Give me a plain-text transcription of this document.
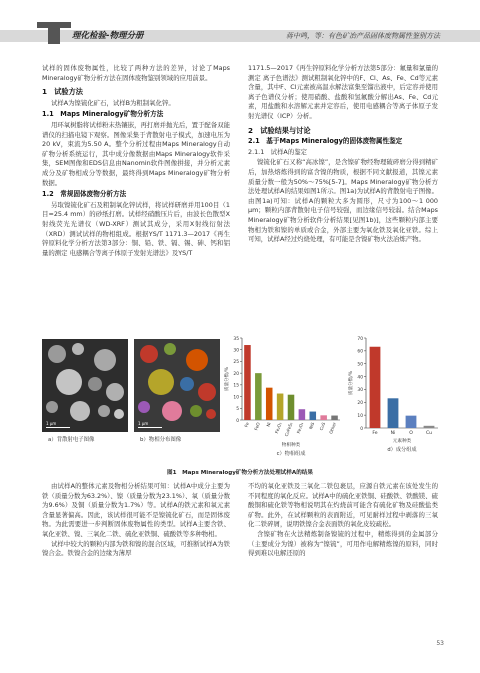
理化检验-物理分册	蒋中鸣，等：有色矿冶产品固体废物属性鉴别方法

试样的固体废物属性，比较了两种方法的差异，讨论了Maps Mineralogy矿物分析方法在固体废物鉴别领域的应用前景。

1　试验方法

试样A为镍锍化矿石，试样B为粗制氧化锌。

1.1　Maps Mineralogy矿物分析方法

用环氧树脂将试样粉末热镶嵌，再打磨并抛光后，置于配备双能谱仪的扫描电镜下观察。图像采集于背散射电子模式，加速电压为20 kV，束流为5.50 A。整个分析过程由Maps Mineralogy自动矿物分析系统运行，其中成分像数据由Maps Mineralogy软件采集，SEM图像和EDS信息由Nanomin软件图像拼接，并分析元素成分及矿物相成分等数据，最终得到Maps Mineralogy矿物分析数据。

1.2　常规固体废物分析方法

另取镍锍化矿石及粗制氧化锌试样，将试样研磨并用100目（1目=25.4 mm）的砂纸打磨。试样经硝酸压片后，由波长色散型X射线荧光光谱仪（WD-XRF）测试其成分，采用X射线衍射法（XRD）测试试样的物相组成。根据YS/T 1171.3—2017《再生锌原料化学分析方法第3部分：铜、铅、铁、镉、锡、砷、钙和铝量的测定 电感耦合等离子体原子发射光谱法》及YS/T

1171.5—2017《再生锌原料化学分析方法第5部分：氟量和氯量的测定 离子色谱法》测试粗制氧化锌中的F、Cl、As、Fe、Cd等元素含量，其中F、Cl元素被高温水解法富集至馏出液中，后定容并使用离子色谱仪分析；使用硝酸、盐酸和氢氟酸分解出As、Fe、Cd元素，用盐酸和水溶解元素并定容后，使用电感耦合等离子体原子发射光谱仪（ICP）分析。

2　试验结果与讨论
2.1　基于Maps Mineralogy的固体废物属性鉴定
2.1.1　试样A的鉴定

镍锍化矿石又称“高冰镍”，是含镍矿物经物理破碎磨分得到精矿后，加热熔炼得到的富含镍的物质，根据不同文献报道，其镍元素质量分数一般为50%～75%[5-7]。Maps Mineralogy矿物分析方法处理试样A的结果如图1所示。图1a)为试样A的背散射电子图像。由图1a)可知：试样A的颗粒大多为圆形，尺寸为100～1 000 μm；颗粒内部背散射电子信号较强，而边缘信号较弱。结合Maps Mineralogy矿物分析软件分析结果[见图1b)]，这些颗粒内部主要物相为铁和镍的单质或合金，外部主要为氧化铁及氧化亚铁。综上可知，试样A经过灼烧处理，有可能是含镍矿物火法冶炼产物。

1 μm
a）背散射电子图像
1 μm
b）物相分布图像
0
5
10
15
20
25
30
35
质量分数/%
Fe FeO Ni Fe₂O₃ CuFeS₂ Fe₃O₄ NiS CuS Other
物相种类
c）物相组成
0
10
20
30
40
50
60
70
质量分数/%
Fe	Ni	O	Cu
元素种类
d）成分组成
图1　Maps Mineralogy矿物分析方法处理试样A的结果

由试样A的整体元素及物相分析结果可知：试样A中成分主要为铁（质量分数为63.2%）、镍（质量分数为23.1%）、氧（质量分数为9.6%）及铜（质量分数为1.7%）等。试样A的铁元素和氧元素含量显著偏高。因此，该试样很可能不是镍锍化矿石，而是固体废物。为此需要进一步判断固体废物属性的类型。试样A主要含铁、氧化亚铁、镍、三氧化二铁、硫化亚铁铜、硫酸铁等多种物相。

试样中较大的颗粒内部为铁和镍的混合区域，可推断试样A为铁镍合金。铁镍合金的边缘为薄厚

不均的氧化亚铁及三氧化二铁包裹层，应源自铁元素在该处发生的不同程度的氧化反应。试样A中的硫化亚铁铜、硅酸铁、铁酸镁、硫酸铜和硫化铁等物相说明其在灼烧前可能含有硫化矿物及硅酸盐类矿物。此外，在试样颗粒的表面附近，可见耐样过程中剥落的三氧化二铁碎屑，说明铁镍合金表面铁的氧化皮较疏松。

含镍矿物在火法精炼制备镍锍的过程中，精炼得到的金属部分（主要成分为镍）被称为“镍锍”，可用作电解精炼镍的原料，同时得到难以电解还原的

53
